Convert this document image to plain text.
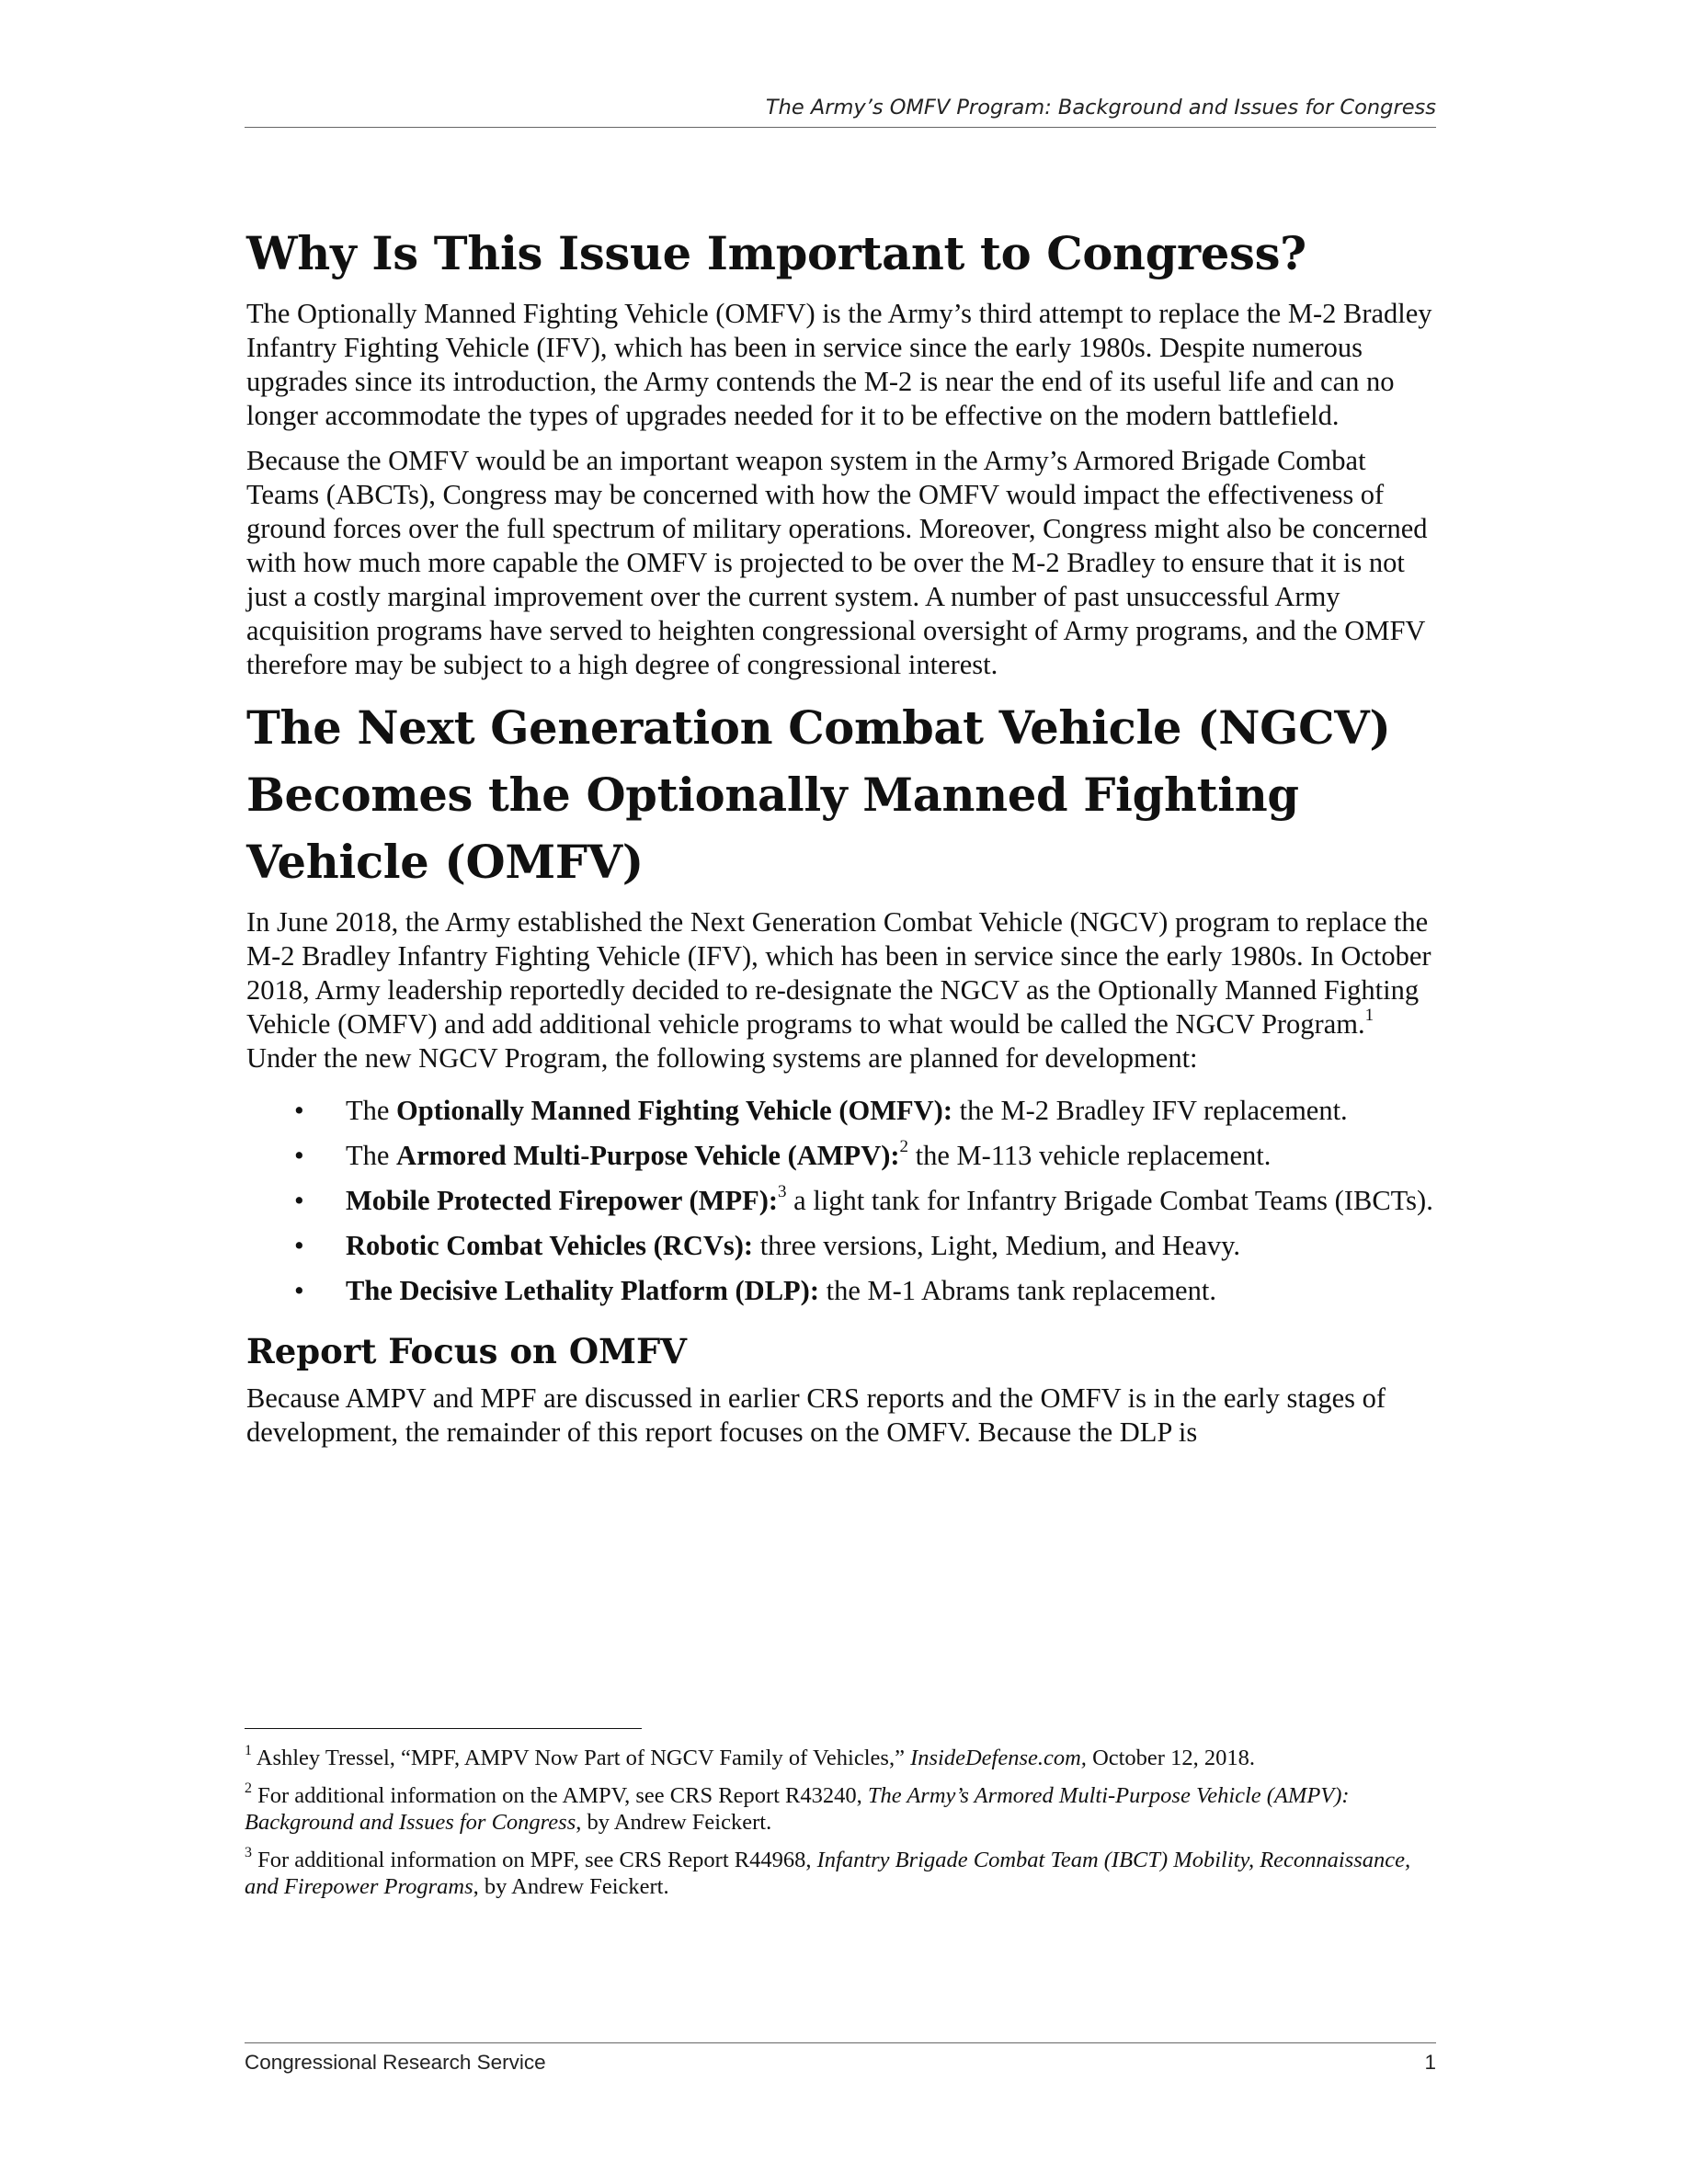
The Army’s OMFV Program: Background and Issues for Congress
Why Is This Issue Important to Congress?

The Optionally Manned Fighting Vehicle (OMFV) is the Army’s third attempt to replace the M-2 Bradley Infantry Fighting Vehicle (IFV), which has been in service since the early 1980s. Despite numerous upgrades since its introduction, the Army contends the M-2 is near the end of its useful life and can no longer accommodate the types of upgrades needed for it to be effective on the modern battlefield.

Because the OMFV would be an important weapon system in the Army’s Armored Brigade Combat Teams (ABCTs), Congress may be concerned with how the OMFV would impact the effectiveness of ground forces over the full spectrum of military operations. Moreover, Congress might also be concerned with how much more capable the OMFV is projected to be over the M-2 Bradley to ensure that it is not just a costly marginal improvement over the current system. A number of past unsuccessful Army acquisition programs have served to heighten congressional oversight of Army programs, and the OMFV therefore may be subject to a high degree of congressional interest.

The Next Generation Combat Vehicle (NGCV) Becomes the Optionally Manned Fighting Vehicle (OMFV)

In June 2018, the Army established the Next Generation Combat Vehicle (NGCV) program to replace the M-2 Bradley Infantry Fighting Vehicle (IFV), which has been in service since the early 1980s. In October 2018, Army leadership reportedly decided to re-designate the NGCV as the Optionally Manned Fighting Vehicle (OMFV) and add additional vehicle programs to what would be called the NGCV Program.$^1$ Under the new NGCV Program, the following systems are planned for development:

• The Optionally Manned Fighting Vehicle (OMFV): the M-2 Bradley IFV replacement.
• The Armored Multi-Purpose Vehicle (AMPV):$^2$ the M-113 vehicle replacement.
• Mobile Protected Firepower (MPF):$^3$ a light tank for Infantry Brigade Combat Teams (IBCTs).
• Robotic Combat Vehicles (RCVs): three versions, Light, Medium, and Heavy.
• The Decisive Lethality Platform (DLP): the M-1 Abrams tank replacement.
Report Focus on OMFV

Because AMPV and MPF are discussed in earlier CRS reports and the OMFV is in the early stages of development, the remainder of this report focuses on the OMFV. Because the DLP is

$^1$ Ashley Tressel, “MPF, AMPV Now Part of NGCV Family of Vehicles,” InsideDefense.com, October 12, 2018.

$^2$ For additional information on the AMPV, see CRS Report R43240, The Army’s Armored Multi-Purpose Vehicle (AMPV): Background and Issues for Congress, by Andrew Feickert.

$^3$ For additional information on MPF, see CRS Report R44968, Infantry Brigade Combat Team (IBCT) Mobility, Reconnaissance, and Firepower Programs, by Andrew Feickert.

Congressional Research Service	1
